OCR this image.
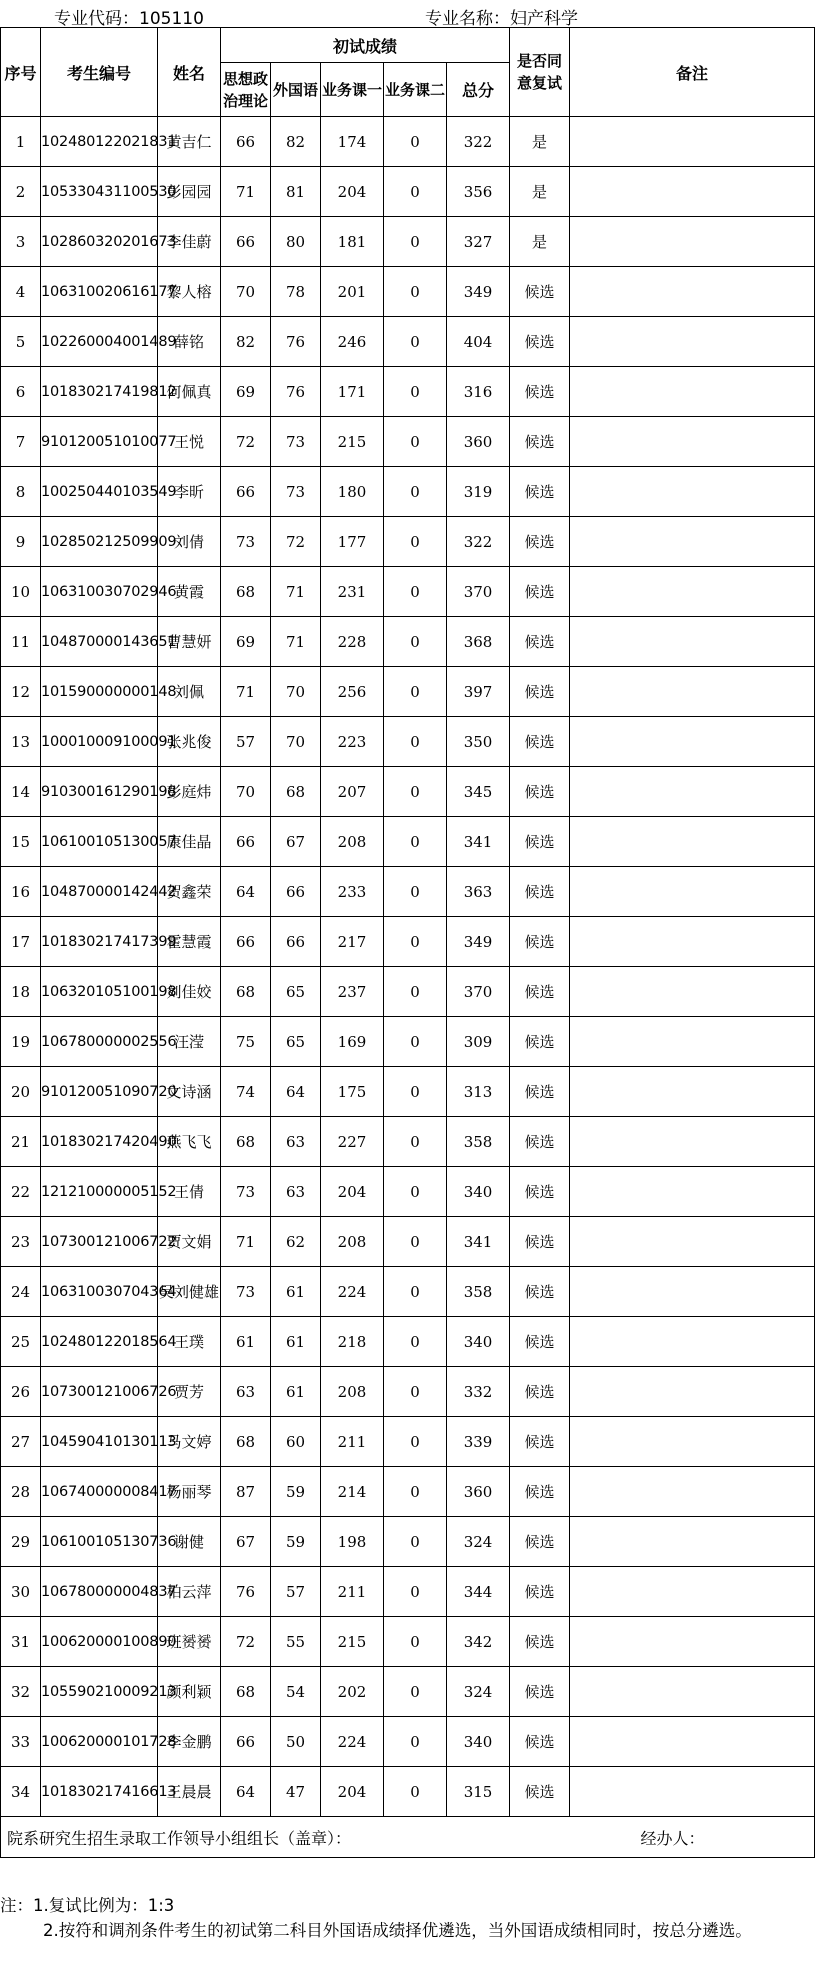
专业代码：105110	专业名称：妇产科学
序号	考生编号	姓名	初试成绩					是否同意复试	备注
			思想政治理论	外国语	业务课一	业务课二	总分		
1	102480122021831	黄吉仁	66	82	174	0	322	是	
2	105330431100530	彭园园	71	81	204	0	356	是	
3	102860320201673	李佳蔚	66	80	181	0	327	是	
4	106310020616177	黎人榕	70	78	201	0	349	候选	
5	102260004001489	薛铭	82	76	246	0	404	候选	
6	101830217419812	何佩真	69	76	171	0	316	候选	
7	910120051010077	王悦	72	73	215	0	360	候选	
8	100250440103549	李昕	66	73	180	0	319	候选	
9	102850212509909	刘倩	73	72	177	0	322	候选	
10	106310030702946	黄霞	68	71	231	0	370	候选	
11	104870000143651	曹慧妍	69	71	228	0	368	候选	
12	101590000000148	刘佩	71	70	256	0	397	候选	
13	100010009100091	张兆俊	57	70	223	0	350	候选	
14	910300161290198	彭庭炜	70	68	207	0	345	候选	
15	106100105130057	康佳晶	66	67	208	0	341	候选	
16	104870000142442	贺鑫荣	64	66	233	0	363	候选	
17	101830217417399	霍慧霞	66	66	217	0	349	候选	
18	106320105100198	刘佳姣	68	65	237	0	370	候选	
19	106780000002556	汪滢	75	65	169	0	309	候选	
20	910120051090720	文诗涵	74	64	175	0	313	候选	
21	101830217420490	燕飞飞	68	63	227	0	358	候选	
22	121210000005152	王倩	73	63	204	0	340	候选	
23	107300121006722	贾文娟	71	62	208	0	341	候选	
24	106310030704364	吴刘健雄	73	61	224	0	358	候选	
25	102480122018564	王璞	61	61	218	0	340	候选	
26	107300121006726	贾芳	63	61	208	0	332	候选	
27	104590410130113	马文婷	68	60	211	0	339	候选	
28	106740000008417	杨丽琴	87	59	214	0	360	候选	
29	106100105130736	谢健	67	59	198	0	324	候选	
30	106780000004837	柏云萍	76	57	211	0	344	候选	
31	100620000100890	班赟赟	72	55	215	0	342	候选	
32	105590210009213	颜利颖	68	54	202	0	324	候选	
33	100620000101728	李金鹏	66	50	224	0	340	候选	
34	101830217416613	王晨晨	64	47	204	0	315	候选	
院系研究生招生录取工作领导小组组长（盖章）： 经办人：									
注：1.复试比例为：1:3
2.按符和调剂条件考生的初试第二科目外国语成绩择优遴选，当外国语成绩相同时，按总分遴选。
